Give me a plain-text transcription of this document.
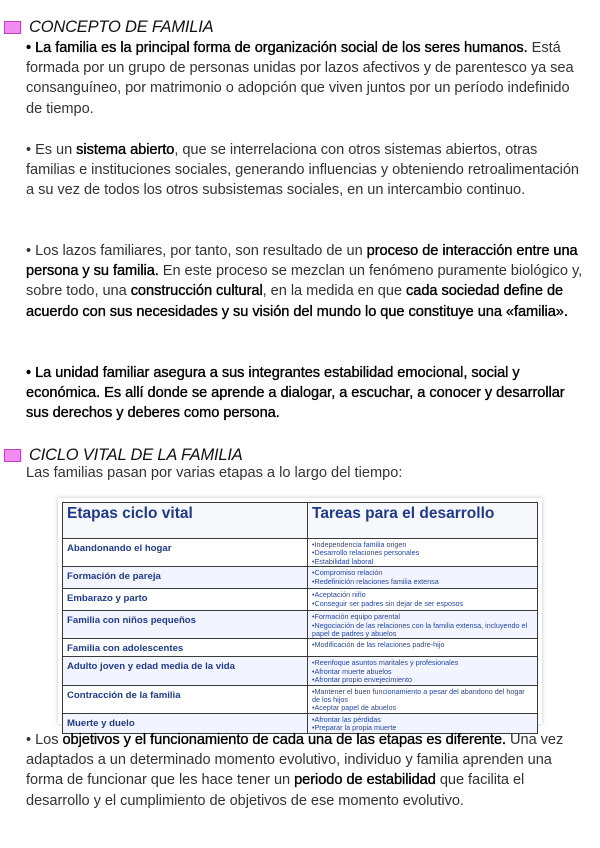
CONCEPTO DE FAMILIA
• La familia es la principal forma de organización social de los seres humanos. Está formada por un grupo de personas unidas por lazos afectivos y de parentesco ya sea consanguíneo, por matrimonio o adopción que viven juntos por un período indefinido de tiempo.
• Es un sistema abierto, que se interrelaciona con otros sistemas abiertos, otras familias e instituciones sociales, generando influencias y obteniendo retroalimentación a su vez de todos los otros subsistemas sociales, en un intercambio continuo.
• Los lazos familiares, por tanto, son resultado de un proceso de interacción entre una persona y su familia. En este proceso se mezclan un fenómeno puramente biológico y, sobre todo, una construcción cultural, en la medida en que cada sociedad define de acuerdo con sus necesidades y su visión del mundo lo que constituye una «familia».
• La unidad familiar asegura a sus integrantes estabilidad emocional, social y económica. Es allí donde se aprende a dialogar, a escuchar, a conocer y desarrollar sus derechos y deberes como persona.
CICLO VITAL DE LA FAMILIA
Las familias pasan por varias etapas a lo largo del tiempo:
Etapas ciclo vital	Tareas para el desarrollo
Abandonando el hogar	•Independencia familia origen
•Desarrollo relaciones personales
•Estabilidad laboral
Formación de pareja	•Compromiso relación
•Redefinición relaciones familia extensa
Embarazo y parto	•Aceptación niño
•Conseguir ser padres sin dejar de ser esposos
Familia con niños pequeños	•Formación equipo parental
•Negociación de las relaciones con la familia extensa, incluyendo el papel de padres y abuelos
Familia con adolescentes	•Modificación de las relaciones padre-hijo
Adulto joven y edad media de la vida	•Reenfoque asuntos maritales y profesionales
•Afrontar muerte abuelos
•Afrontar propio envejecimiento
Contracción de la familia	•Mantener el buen funcionamiento a pesar del abandono del hogar de los hijos
•Aceptar papel de abuelos
Muerte y duelo	•Afrontar las pérdidas
•Preparar la propia muerte
• Los objetivos y el funcionamiento de cada una de las etapas es diferente. Una vez adaptados a un determinado momento evolutivo, individuo y familia aprenden una forma de funcionar que les hace tener un periodo de estabilidad que facilita el desarrollo y el cumplimiento de objetivos de ese momento evolutivo.
